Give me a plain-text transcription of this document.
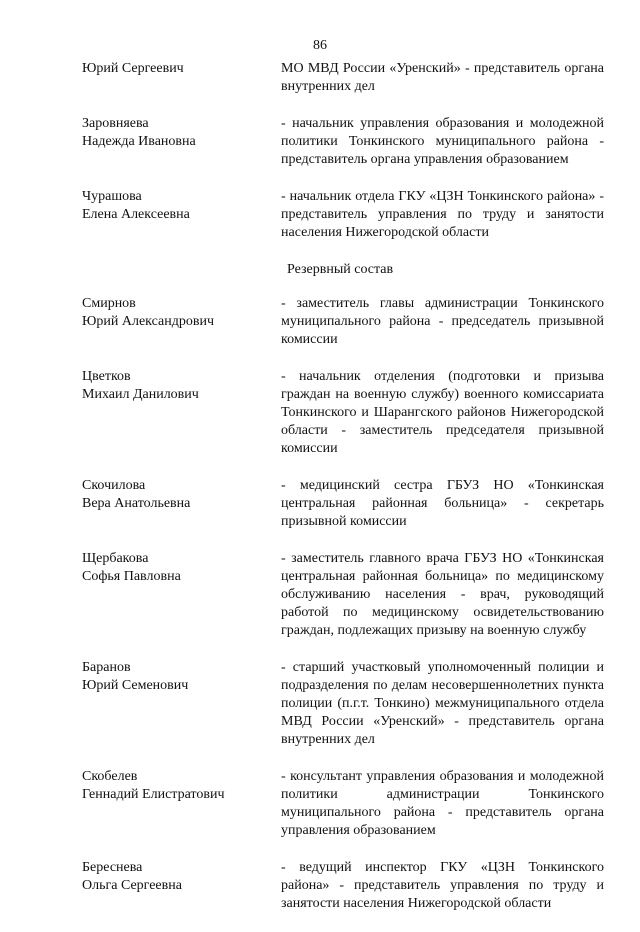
86
Юрий Сергеевич	МО МВД России «Уренский» - представитель органа внутренних дел
Заровняева
Надежда Ивановна
- начальник управления образования и молодежной политики Тонкинского муниципального района - представитель органа управления образованием
Чурашова
Елена Алексеевна
- начальник отдела ГКУ «ЦЗН Тонкинского района» - представитель управления по труду и занятости населения Нижегородской области
Резервный состав
Смирнов
Юрий Александрович
- заместитель главы администрации Тонкинского муниципального района - председатель призывной комиссии
Цветков
Михаил Данилович
- начальник отделения (подготовки и призыва граждан на военную службу) военного комиссариата Тонкинского и Шарангского районов Нижегородской области - заместитель председателя призывной комиссии
Скочилова
Вера Анатольевна
- медицинский сестра ГБУЗ НО «Тонкинская центральная районная больница» - секретарь призывной комиссии
Щербакова
Софья Павловна
- заместитель главного врача ГБУЗ НО «Тонкинская центральная районная больница» по медицинскому обслуживанию населения - врач, руководящий работой по медицинскому освидетельствованию граждан, подлежащих призыву на военную службу
Баранов
Юрий Семенович
- старший участковый уполномоченный полиции и подразделения по делам несовершеннолетних пункта полиции (п.г.т. Тонкино) межмуниципального отдела МВД России «Уренский» - представитель органа внутренних дел
Скобелев
Геннадий Елистратович
- консультант управления образования и молодежной политики администрации Тонкинского муниципального района - представитель органа управления образованием
Береснева
Ольга Сергеевна
- ведущий инспектор ГКУ «ЦЗН Тонкинского района» - представитель управления по труду и занятости населения Нижегородской области
